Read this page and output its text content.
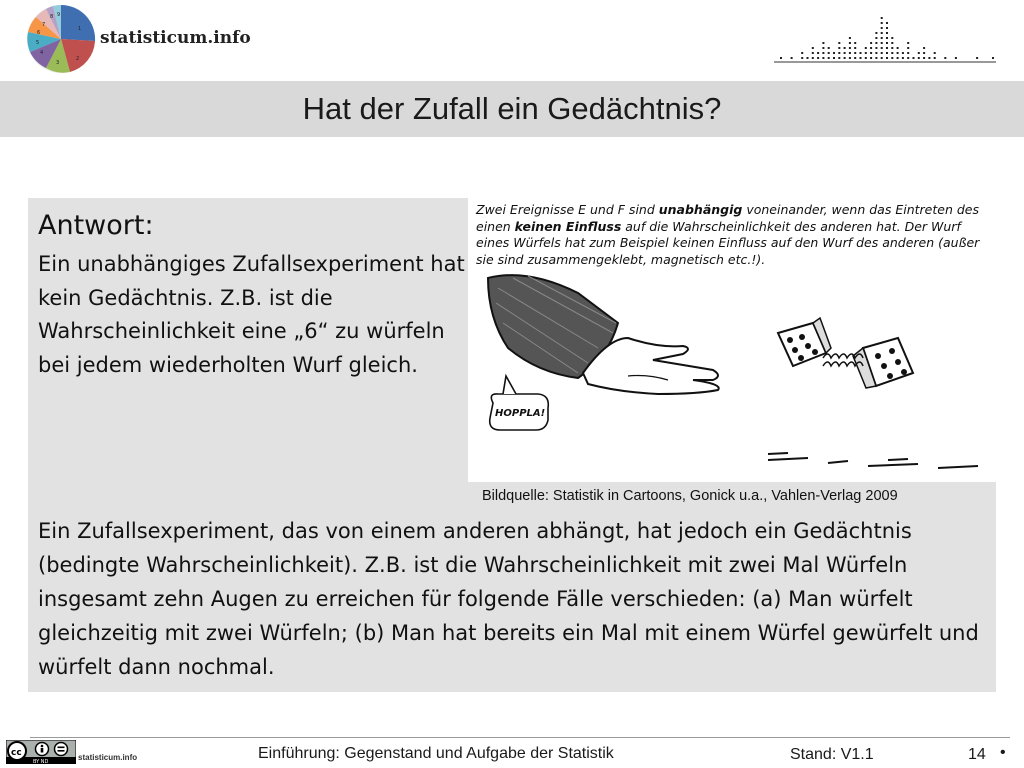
1
2
3
4
5
6
7
8 9
statisticum.info
Hat der Zufall ein Gedächtnis?
Antwort:
Ein unabhängiges Zufallsexperiment hat kein Gedächtnis. Z.B. ist die Wahrscheinlichkeit eine „6“ zu würfeln bei jedem wiederholten Wurf gleich.
Zwei Ereignisse E und F sind unabhängig voneinander, wenn das Eintreten des einen keinen Einfluss auf die Wahrscheinlichkeit des anderen hat. Der Wurf eines Würfels hat zum Beispiel keinen Einfluss auf den Wurf des anderen (außer sie sind zusammengeklebt, magnetisch etc.!).
HOPPLA!
Bildquelle: Statistik in Cartoons, Gonick u.a., Vahlen-Verlag 2009
Ein Zufallsexperiment, das von einem anderen abhängt, hat jedoch ein Gedächtnis (bedingte Wahrscheinlichkeit). Z.B. ist die Wahrscheinlichkeit mit zwei Mal Würfeln insgesamt zehn Augen zu erreichen für folgende Fälle verschieden: (a) Man würfelt gleichzeitig mit zwei Würfeln; (b) Man hat bereits ein Mal mit einem Würfel gewürfelt und würfelt dann nochmal.
cc
BY ND	statisticum.info	Einführung: Gegenstand und Aufgabe der Statistik	Stand: V1.1	14 •
